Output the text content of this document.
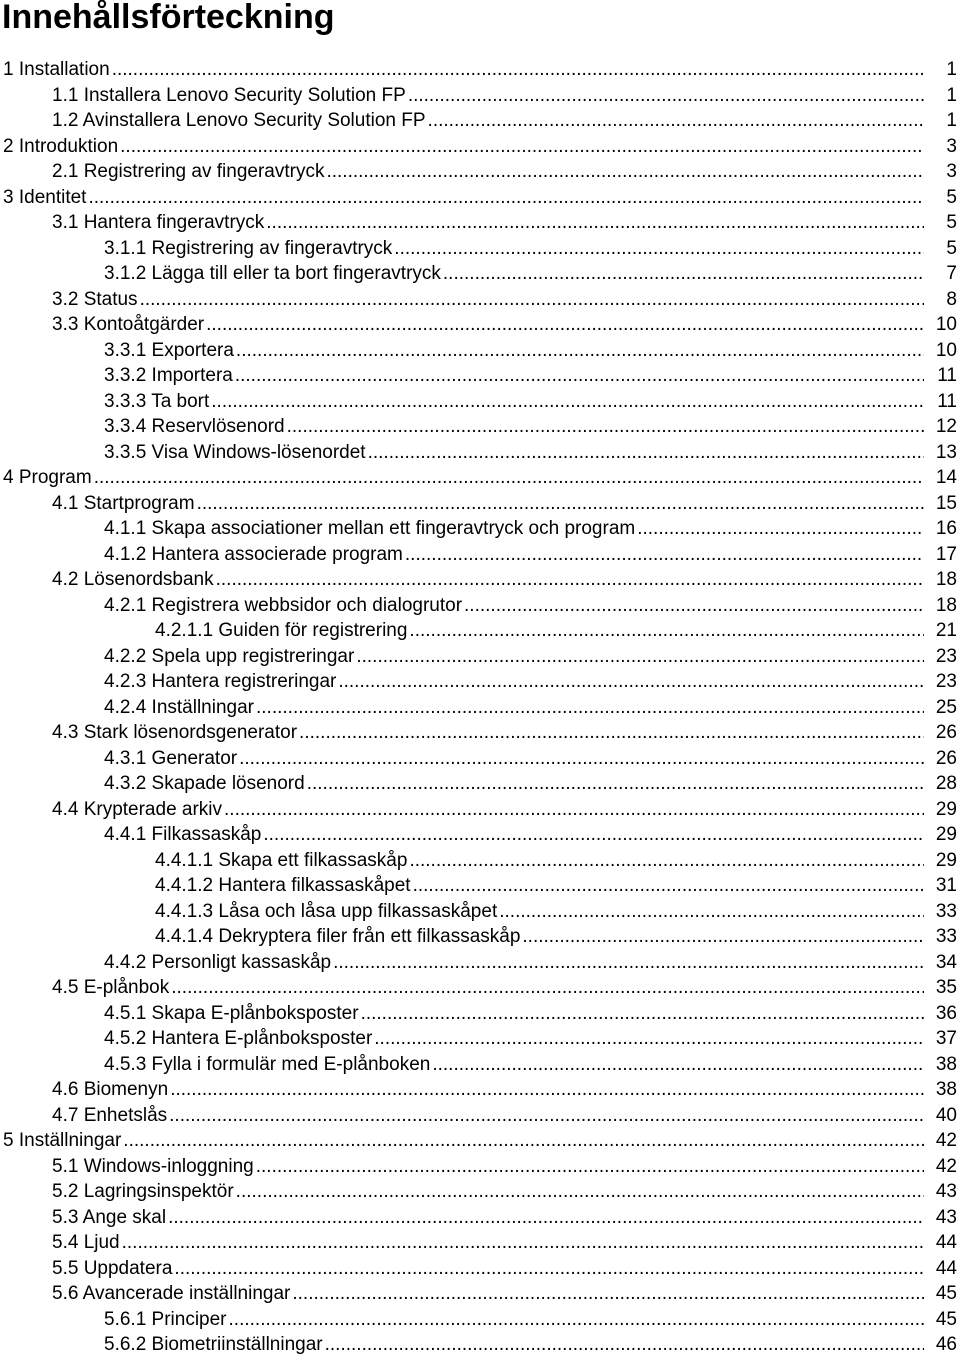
Innehållsförteckning
1 Installation .....	1
1.1 Installera Lenovo Security Solution FP .....	1
1.2 Avinstallera Lenovo Security Solution FP .....	1
2 Introduktion .....	3
2.1 Registrering av fingeravtryck .....	3
3 Identitet .....	5
3.1 Hantera fingeravtryck .....	5
3.1.1 Registrering av fingeravtryck .....	5
3.1.2 Lägga till eller ta bort fingeravtryck .....	7
3.2 Status .....	8
3.3 Kontoåtgärder .....	10
3.3.1 Exportera .....	10
3.3.2 Importera .....	11
3.3.3 Ta bort .....	11
3.3.4 Reservlösenord .....	12
3.3.5 Visa Windows-lösenordet .....	13
4 Program .....	14
4.1 Startprogram .....	15
4.1.1 Skapa associationer mellan ett fingeravtryck och program .....	16
4.1.2 Hantera associerade program .....	17
4.2 Lösenordsbank .....	18
4.2.1 Registrera webbsidor och dialogrutor .....	18
4.2.1.1 Guiden för registrering .....	21
4.2.2 Spela upp registreringar .....	23
4.2.3 Hantera registreringar .....	23
4.2.4 Inställningar .....	25
4.3 Stark lösenordsgenerator .....	26
4.3.1 Generator .....	26
4.3.2 Skapade lösenord .....	28
4.4 Krypterade arkiv .....	29
4.4.1 Filkassaskåp .....	29
4.4.1.1 Skapa ett filkassaskåp .....	29
4.4.1.2 Hantera filkassaskåpet .....	31
4.4.1.3 Låsa och låsa upp filkassaskåpet .....	33
4.4.1.4 Dekryptera filer från ett filkassaskåp .....	33
4.4.2 Personligt kassaskåp .....	34
4.5 E-plånbok .....	35
4.5.1 Skapa E-plånboksposter .....	36
4.5.2 Hantera E-plånboksposter .....	37
4.5.3 Fylla i formulär med E-plånboken .....	38
4.6 Biomenyn .....	38
4.7 Enhetslås .....	40
5 Inställningar .....	42
5.1 Windows-inloggning .....	42
5.2 Lagringsinspektör .....	43
5.3 Ange skal .....	43
5.4 Ljud .....	44
5.5 Uppdatera .....	44
5.6 Avancerade inställningar .....	45
5.6.1 Principer .....	45
5.6.2 Biometriinställningar .....	46
